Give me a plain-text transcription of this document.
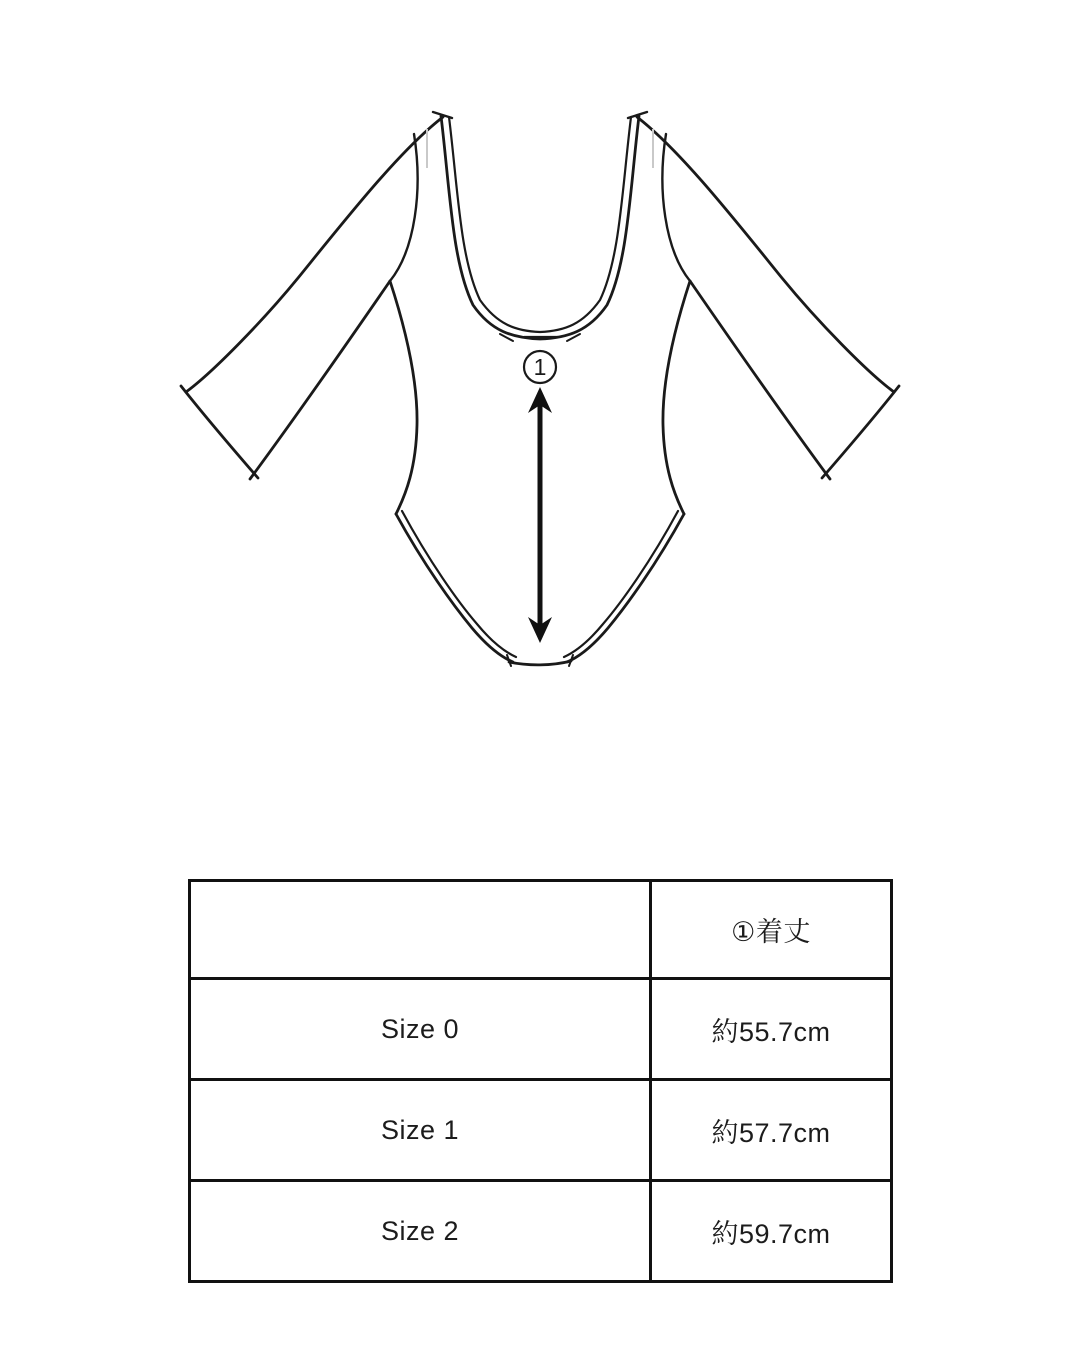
1
	①着丈
Size 0	約55.7cm
Size 1	約57.7cm
Size 2	約59.7cm
